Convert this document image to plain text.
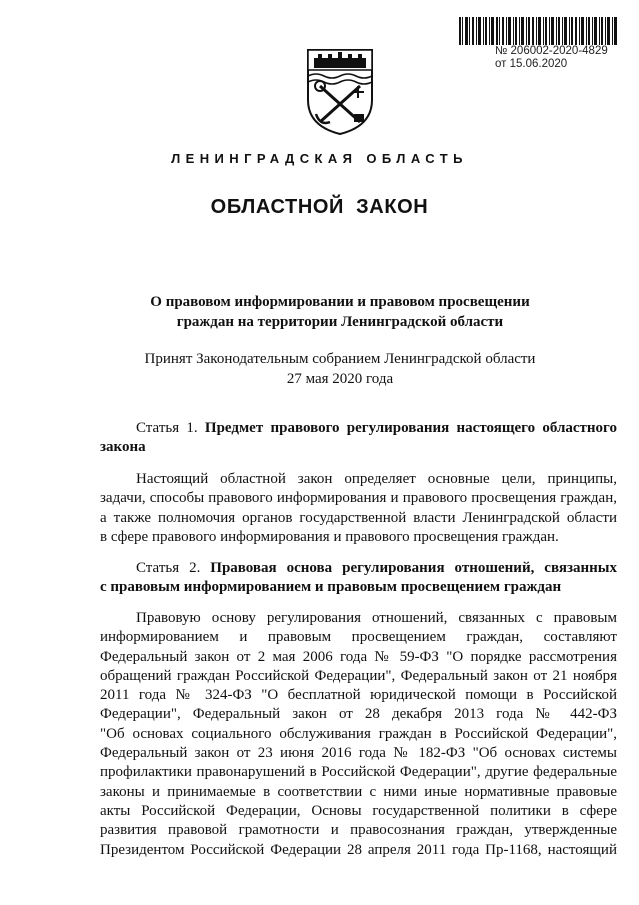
№ 206002-2020-4829
от 15.06.2020
ЛЕНИНГРАДСКАЯ ОБЛАСТЬ
ОБЛАСТНОЙ ЗАКОН
О правовом информировании и правовом просвещении
граждан на территории Ленинградской области
Принят Законодательным собранием Ленинградской области
27 мая 2020 года
Статья 1. Предмет правового регулирования настоящего областного
закона
Настоящий областной закон определяет основные цели, принципы,
задачи, способы правового информирования и правового просвещения граждан,
а также полномочия органов государственной власти Ленинградской области
в сфере правового информирования и правового просвещения граждан.
Статья 2. Правовая основа регулирования отношений, связанных
с правовым информированием и правовым просвещением граждан
Правовую основу регулирования отношений, связанных с правовым
информированием и правовым просвещением граждан, составляют
Федеральный закон от 2 мая 2006 года № 59-ФЗ "О порядке рассмотрения
обращений граждан Российской Федерации", Федеральный закон от 21 ноября
2011 года № 324-ФЗ "О бесплатной юридической помощи в Российской
Федерации", Федеральный закон от 28 декабря 2013 года № 442-ФЗ
"Об основах социального обслуживания граждан в Российской Федерации",
Федеральный закон от 23 июня 2016 года № 182-ФЗ "Об основах системы
профилактики правонарушений в Российской Федерации", другие федеральные
законы и принимаемые в соответствии с ними иные нормативные правовые
акты Российской Федерации, Основы государственной политики в сфере
развития правовой грамотности и правосознания граждан, утвержденные
Президентом Российской Федерации 28 апреля 2011 года Пр-1168, настоящий
